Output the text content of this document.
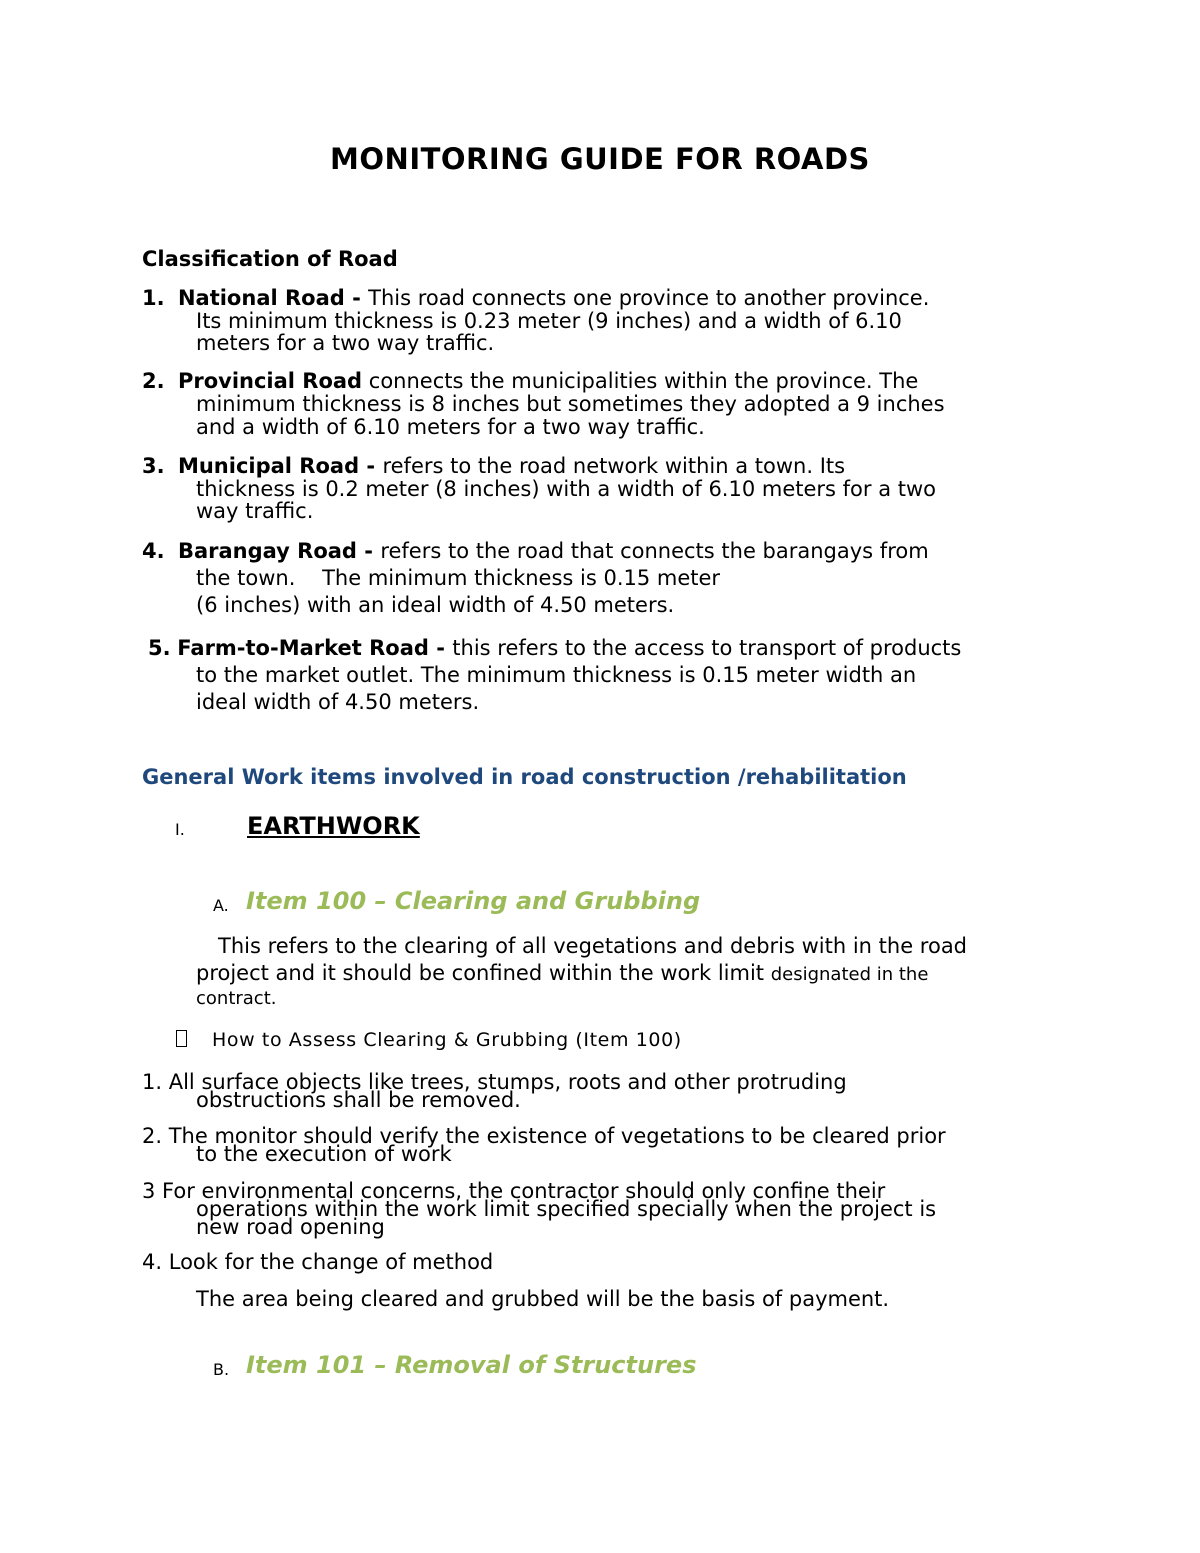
MONITORING GUIDE FOR ROADS
Classification of Road
1. National Road - This road connects one province to another province.
Its minimum thickness is 0.23 meter (9 inches) and a width of 6.10
meters for a two way traffic.
2. Provincial Road connects the municipalities within the province. The
minimum thickness is 8 inches but sometimes they adopted a 9 inches
and a width of 6.10 meters for a two way traffic.
3. Municipal Road - refers to the road network within a town. Its
thickness is 0.2 meter (8 inches) with a width of 6.10 meters for a two
way traffic.
4. Barangay Road - refers to the road that connects the barangays from
the town.    The minimum thickness is 0.15 meter
(6 inches) with an ideal width of 4.50 meters.
5. Farm-to-Market Road - this refers to the access to transport of products
to the market outlet. The minimum thickness is 0.15 meter width an
ideal width of 4.50 meters.
General Work items involved in road construction /rehabilitation
I.	EARTHWORK
A. Item 100 – Clearing and Grubbing
This refers to the clearing of all vegetations and debris with in the road
project and it should be confined within the work limit designated in the
contract.
How to Assess Clearing & Grubbing (Item 100)
1. All surface objects like trees, stumps, roots and other protruding
obstructions shall be removed.
2. The monitor should verify the existence of vegetations to be cleared prior
to the execution of work
3 For environmental concerns, the contractor should only confine their
operations within the work limit specified specially when the project is
new road opening
4. Look for the change of method
The area being cleared and grubbed will be the basis of payment.
B. Item 101 – Removal of Structures
